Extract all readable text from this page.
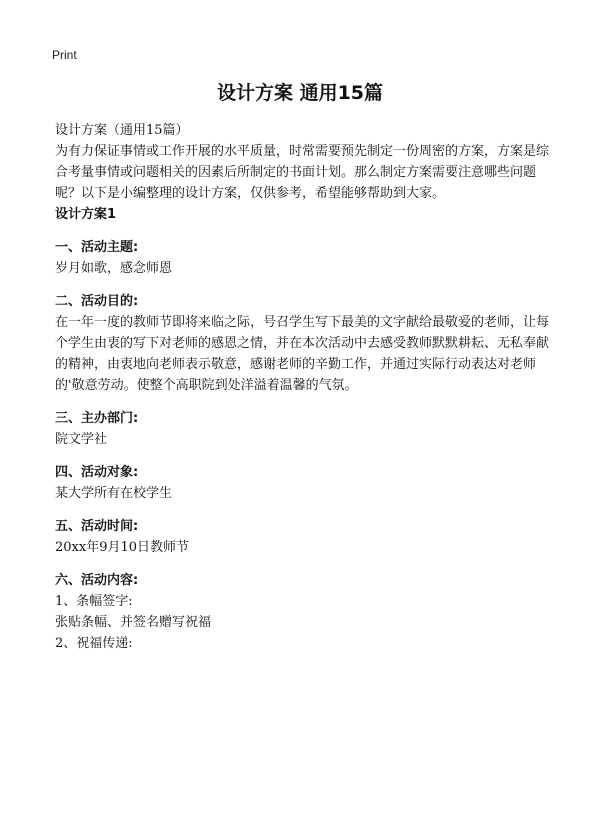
Print
设计方案 通用15篇

设计方案（通用15篇）

为有力保证事情或工作开展的水平质量，时常需要预先制定一份周密的方案，方案是综合考量事情或问题相关的因素后所制定的书面计划。那么制定方案需要注意哪些问题呢？以下是小编整理的设计方案，仅供参考，希望能够帮助到大家。

设计方案1

一、活动主题:

岁月如歌，感念师恩

二、活动目的:

在一年一度的教师节即将来临之际，号召学生写下最美的文字献给最敬爱的老师，让每个学生由衷的写下对老师的感恩之情，并在本次活动中去感受教师默默耕耘、无私奉献的精神，由衷地向老师表示敬意，感谢老师的辛勤工作，并通过实际行动表达对老师的'敬意劳动。使整个高职院到处洋溢着温馨的气氛。

三、主办部门:

院文学社

四、活动对象:

某大学所有在校学生

五、活动时间:

20xx年9月10日教师节

六、活动内容:

1、条幅签字:

张贴条幅、并签名赠写祝福

2、祝福传递:
